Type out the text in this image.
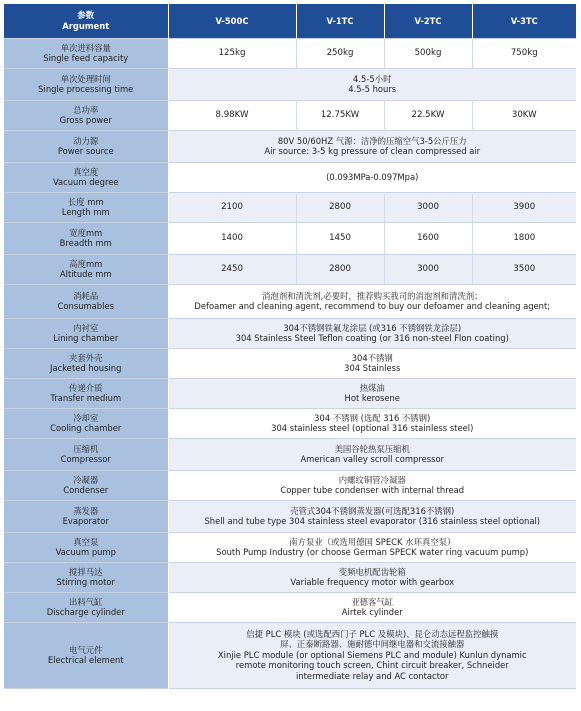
参数
Argument	V-500C	V-1TC	V-2TC	V-3TC

单次进料容量
Single feed capacity	125kg	250kg	500kg	750kg

单次处理时间
Single processing time	4.5-5小时
4.5-5 hours			

总功率
Gross power	8.98KW	12.75KW	22.5KW	30KW

动力源
Power source	80V 50/60HZ 气源：洁净的压缩空气3-5公斤压力
Air source: 3-5 kg pressure of clean compressed air			

真空度
Vacuum degree	(0.093MPa-0.097Mpa)			

长度 mm
Length mm	2100	2800	3000	3900

宽度mm
Breadth mm	1400	1450	1600	1800

高度mm
Altitude mm	2450	2800	3000	3500

消耗品
Consumables	消泡剂和清洗剂,必要时，推荐购买我司的消泡剂和清洗剂；
Defoamer and cleaning agent, recommend to buy our defoamer and cleaning agent;			

内衬室
Lining chamber	304不锈钢铁氟龙涂层 (或316 不锈钢铁龙涂层)
304 Stainless Steel Teflon coating (or 316 non-steel Flon coating)			

夹套外壳
Jacketed housing	304不锈钢
304 Stainless			

传递介质
Transfer medium	热煤油
Hot kerosene			

冷却室
Cooling chamber	304 不锈钢 (选配 316 不锈钢)
304 stainless steel (optional 316 stainless steel)			

压缩机
Compressor	美国谷轮热泵压缩机
American valley scroll compressor			

冷凝器
Condenser	内螺纹铜管冷凝器
Copper tube condenser with internal thread			

蒸发器
Evaporator	壳管式304不锈钢蒸发器(可选配316不锈钢)
Shell and tube type 304 stainless steel evaporator (316 stainless steel optional)			

真空泵
Vacuum pump	南方泵业（或选用德国 SPECK 水环真空泵）
South Pump Industry (or choose German SPECK water ring vacuum pump)			

搅拌马达
Stirring motor	变频电机配齿轮箱
Variable frequency motor with gearbox			

出料气缸
Discharge cylinder	亚德客气缸
Airtek cylinder			

电气元件
Electrical element	信捷 PLC 模块 (或选配西门子 PLC 及模块)、昆仑动态远程监控触摸
屏、正泰断路器、施耐德中间继电器和交流接触器
Xinjie PLC module (or optional Siemens PLC and module) Kunlun dynamic
remote monitoring touch screen, Chint circuit breaker, Schneider
intermediate relay and AC contactor			
